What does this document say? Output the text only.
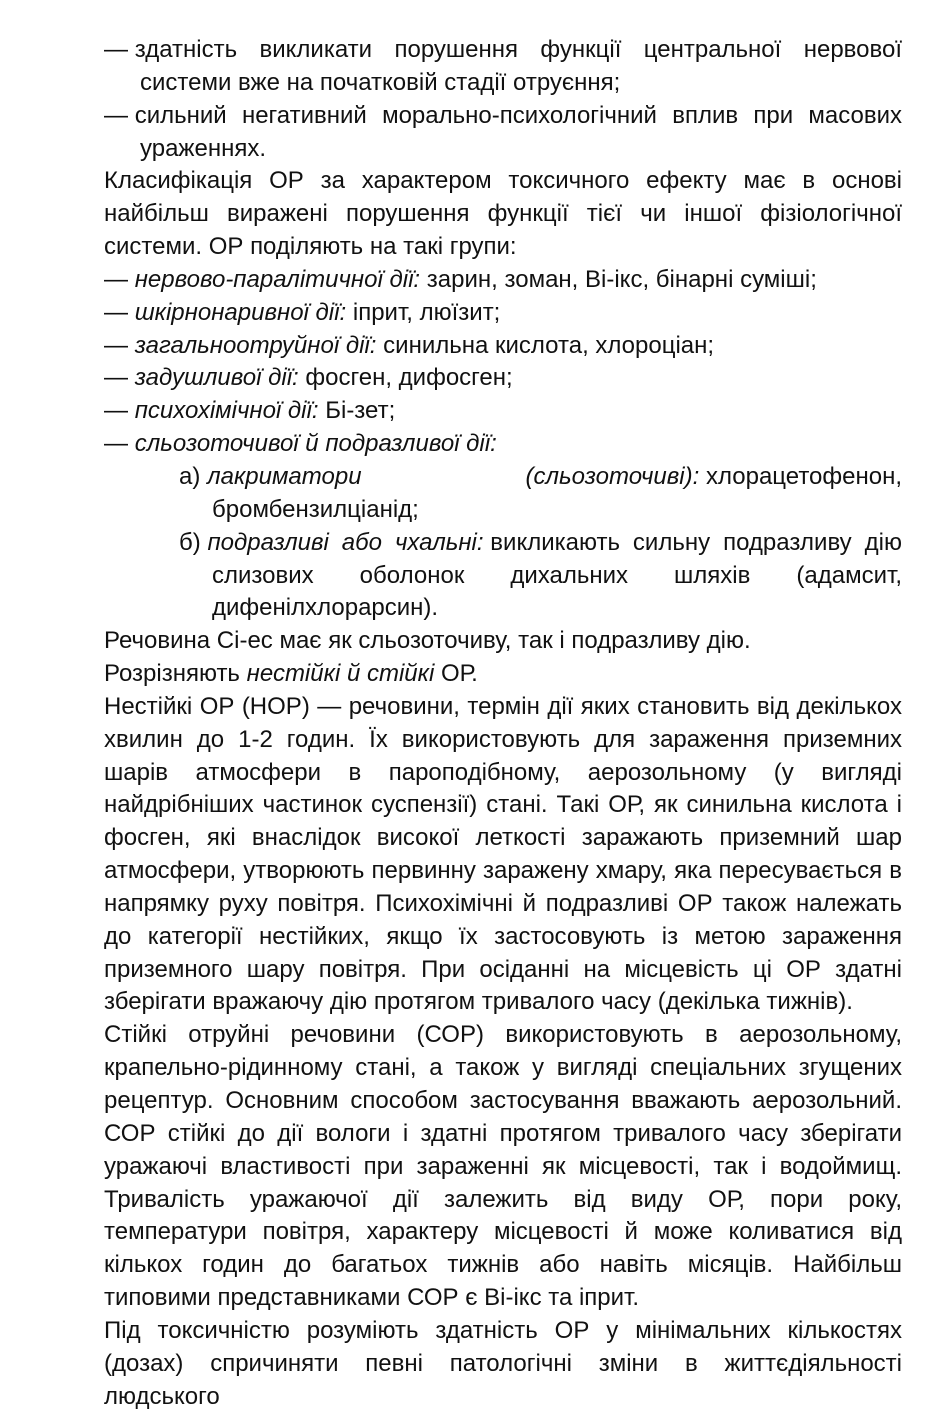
— здатність викликати порушення функції центральної нервової системи вже на початковій стадії отруєння;

— сильний негативний морально-психологічний вплив при масових ураженнях.

Класифікація ОР за характером токсичного ефекту має в основі найбільш виражені порушення функції тієї чи іншої фізіологічної системи. ОР поділяють на такі групи:

— нервово-паралітичної дії: зарин, зоман, Ві-ікс, бінарні суміші;

— шкірнонаривної дії: іприт, люїзит;

— загальноотруйної дії: синильна кислота, хлороціан;

— задушливої дії: фосген, дифосген;

— психохімічної дії: Бі-зет;

— сльозоточивої й подразливої дії:

а) лакриматори (сльозоточиві): хлорацетофенон, бромбензилціанід;

б) подразливі або чхальні: викликають сильну подразливу дію слизових оболонок дихальних шляхів (адамсит, дифенілхлорарсин).

Речовина Сі-ес має як сльозоточиву, так і подразливу дію.

Розрізняють нестійкі й стійкі ОР.

Нестійкі ОР (НОР) — речовини, термін дії яких становить від декількох хвилин до 1-2 годин. Їх використовують для зараження приземних шарів атмосфери в пароподібному, аерозольному (у вигляді найдрібніших частинок суспензії) стані. Такі ОР, як синильна кислота і фосген, які внаслідок високої леткості заражають приземний шар атмосфери, утворюють первинну заражену хмару, яка пересувається в напрямку руху повітря. Психохімічні й подразливі ОР також належать до категорії нестійких, якщо їх застосовують із метою зараження приземного шару повітря. При осіданні на місцевість ці ОР здатні зберігати вражаючу дію протягом тривалого часу (декілька тижнів).

Стійкі отруйні речовини (СОР) використовують в аерозольному, крапельно-рідинному стані, а також у вигляді спеціальних згущених рецептур. Основним способом застосування вважають аерозольний. СОР стійкі до дії вологи і здатні протягом тривалого часу зберігати уражаючі властивості при зараженні як місцевості, так і водоймищ. Тривалість уражаючої дії залежить від виду ОР, пори року, температури повітря, характеру місцевості й може коливатися від кількох годин до багатьох тижнів або навіть місяців. Найбільш типовими представниками СОР є Ві-ікс та іприт.

Під токсичністю розуміють здатність ОР у мінімальних кількостях (дозах) спричиняти певні патологічні зміни в життєдіяльності людського
